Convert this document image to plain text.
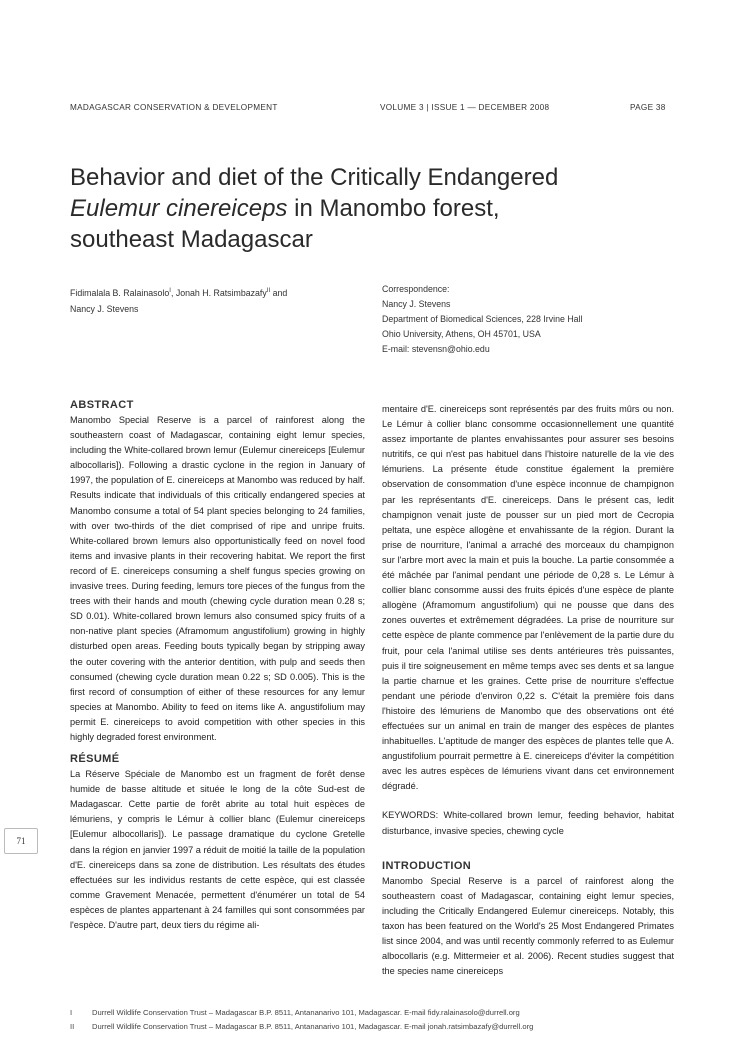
MADAGASCAR CONSERVATION & DEVELOPMENT	VOLUME 3 | ISSUE 1 — DECEMBER 2008	PAGE 38
Behavior and diet of the Critically Endangered
Eulemur cinereiceps in Manombo forest,
southeast Madagascar

Fidimalala B. Ralainasolo$^I$, Jonah H. Ratsimbazafy$^{II}$ and

Nancy J. Stevens

Correspondence:

Nancy J. Stevens

Department of Biomedical Sciences, 228 Irvine Hall

Ohio University, Athens, OH 45701, USA

E-mail: stevensn@ohio.edu

ABSTRACT

Manombo Special Reserve is a parcel of rainforest along the southeastern coast of Madagascar, containing eight lemur species, including the White-collared brown lemur (Eulemur cinereiceps [Eulemur albocollaris]). Following a drastic cyclone in the region in January of 1997, the population of E. cinereiceps at Manombo was reduced by half. Results indicate that individuals of this critically endangered species at Manombo consume a total of 54 plant species belonging to 24 families, with over two-thirds of the diet comprised of ripe and unripe fruits. White-collared brown lemurs also opportunistically feed on novel food items and invasive plants in their recovering habitat. We report the first record of E. cinereiceps consuming a shelf fungus species growing on invasive trees. During feeding, lemurs tore pieces of the fungus from the trees with their hands and mouth (chewing cycle duration mean 0.28 s; SD 0.01). White-collared brown lemurs also consumed spicy fruits of a non-native plant species (Aframomum angustifolium) growing in highly disturbed open areas. Feeding bouts typically began by stripping away the outer covering with the anterior dentition, with pulp and seeds then consumed (chewing cycle duration mean 0.22 s; SD 0.005). This is the first record of consumption of either of these resources for any lemur species at Manombo. Ability to feed on items like A. angustifolium may permit E. cinereiceps to avoid competition with other species in this highly degraded forest environment.

RÉSUMÉ

La Réserve Spéciale de Manombo est un fragment de forêt dense humide de basse altitude et située le long de la côte Sud-est de Madagascar. Cette partie de forêt abrite au total huit espèces de lémuriens, y compris le Lémur à collier blanc (Eulemur cinereiceps [Eulemur albocollaris]). Le passage dramatique du cyclone Gretelle dans la région en janvier 1997 a réduit de moitié la taille de la population d'E. cinereiceps dans sa zone de distribution. Les résultats des études effectuées sur les individus restants de cette espèce, qui est classée comme Gravement Menacée, permettent d'énumérer un total de 54 espèces de plantes appartenant à 24 familles qui sont consommées par l'espèce. D'autre part, deux tiers du régime ali-

mentaire d'E. cinereiceps sont représentés par des fruits mûrs ou non. Le Lémur à collier blanc consomme occasionnellement une quantité assez importante de plantes envahissantes pour assurer ses besoins nutritifs, ce qui n'est pas habituel dans l'histoire naturelle de la vie des lémuriens. La présente étude constitue également la première observation de consommation d'une espèce inconnue de champignon par les représentants d'E. cinereiceps. Dans le présent cas, ledit champignon venait juste de pousser sur un pied mort de Cecropia peltata, une espèce allogène et envahissante de la région. Durant la prise de nourriture, l'animal a arraché des morceaux du champignon sur l'arbre mort avec la main et puis la bouche. La partie consommée a été mâchée par l'animal pendant une période de 0,28 s. Le Lémur à collier blanc consomme aussi des fruits épicés d'une espèce de plante allogène (Aframomum angustifolium) qui ne pousse que dans des zones ouvertes et extrêmement dégradées. La prise de nourriture sur cette espèce de plante commence par l'enlèvement de la partie dure du fruit, pour cela l'animal utilise ses dents antérieures très puissantes, puis il tire soigneusement en même temps avec ses dents et sa langue la partie charnue et les graines. Cette prise de nourriture s'effectue pendant une période d'environ 0,22 s. C'était la première fois dans l'histoire des lémuriens de Manombo que des observations ont été effectuées sur un animal en train de manger des espèces de plantes inhabituelles. L'aptitude de manger des espèces de plantes telle que A. angustifolium pourrait permettre à E. cinereiceps d'éviter la compétition avec les autres espèces de lémuriens vivant dans cet environnement dégradé.

KEYWORDS: White-collared brown lemur, feeding behavior, habitat disturbance, invasive species, chewing cycle

INTRODUCTION

Manombo Special Reserve is a parcel of rainforest along the southeastern coast of Madagascar, containing eight lemur species, including the Critically Endangered Eulemur cinereiceps. Notably, this taxon has been featured on the World's 25 Most Endangered Primates list since 2004, and was until recently commonly referred to as Eulemur albocollaris (e.g. Mittermeier et al. 2006). Recent studies suggest that the species name cinereiceps

71
I	Durrell Wildlife Conservation Trust – Madagascar B.P. 8511, Antananarivo 101, Madagascar. E-mail fidy.ralainasolo@durrell.org
II Durrell Wildlife Conservation Trust – Madagascar B.P. 8511, Antananarivo 101, Madagascar. E-mail jonah.ratsimbazafy@durrell.org
